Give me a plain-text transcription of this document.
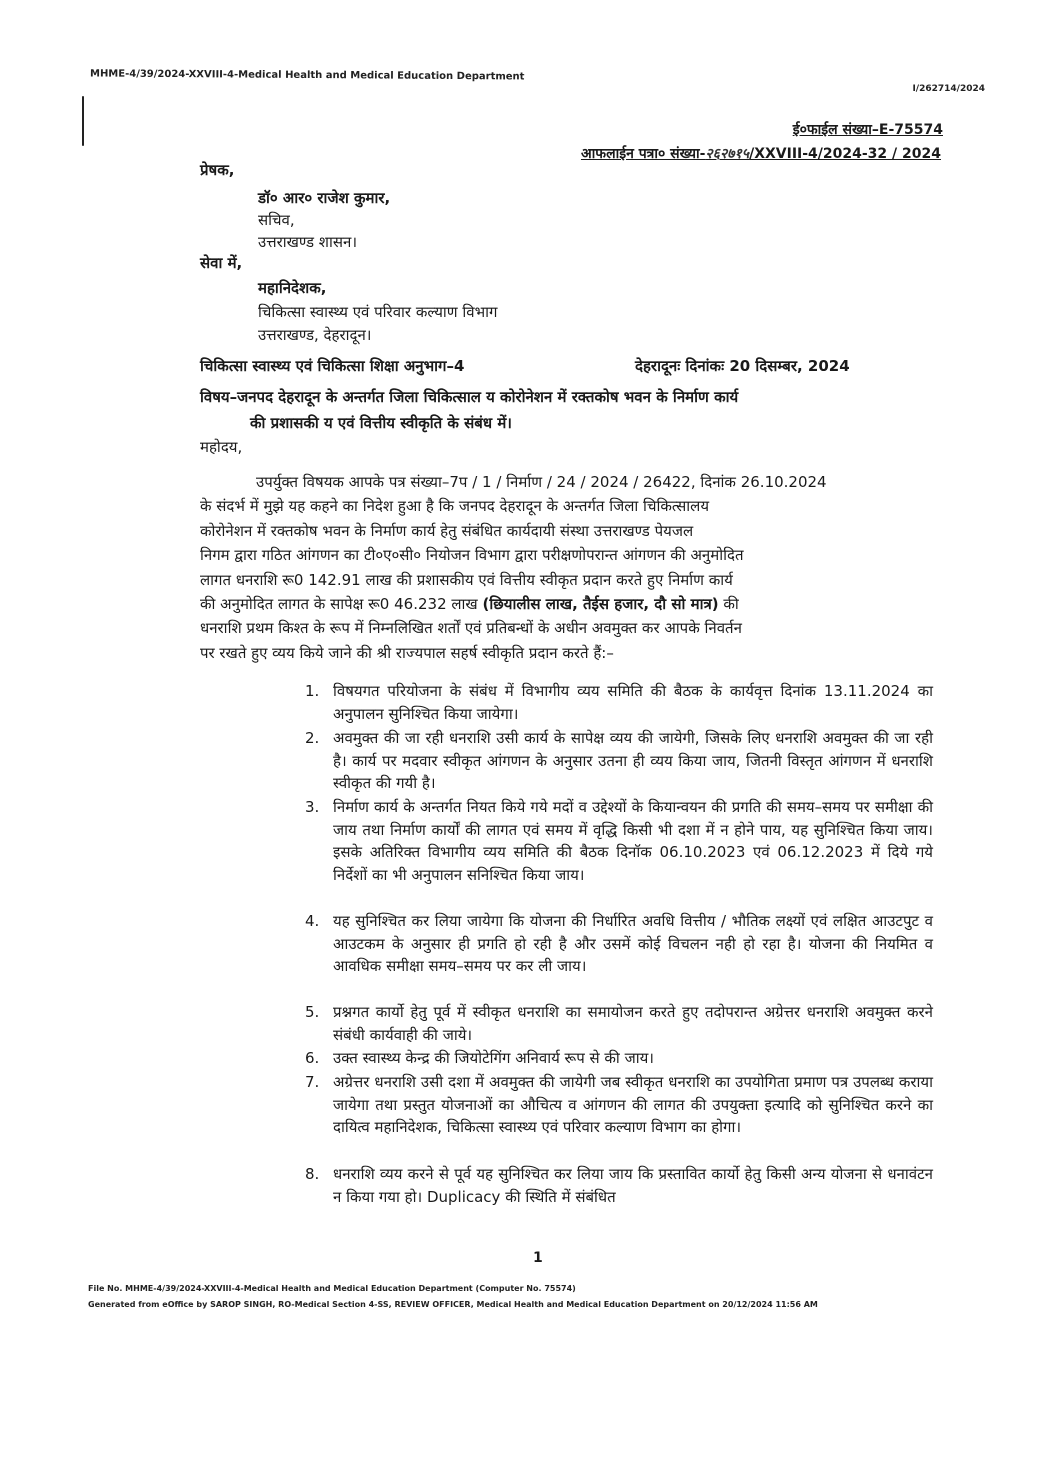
MHME-4/39/2024-XXVIII-4-Medical Health and Medical Education Department
I/262714/2024
ई०फाईल संख्या–E-75574
आफलाईन पत्रा० संख्या-२६२७१५/XXVIII-4/2024-32 / 2024
प्रेषक,
डॉ० आर० राजेश कुमार,
सचिव,
उत्तराखण्ड शासन।
सेवा में,
महानिदेशक,
चिकित्सा स्वास्थ्य एवं परिवार कल्याण विभाग
उत्तराखण्ड, देहरादून।
चिकित्सा स्वास्थ्य एवं चिकित्सा शिक्षा अनुभाग–4	देहरादूनः दिनांकः 20 दिसम्बर, 2024
विषय–जनपद देहरादून के अन्तर्गत जिला चिकित्साल य कोरोनेशन में रक्तकोष भवन के निर्माण कार्य
की प्रशासकी य एवं वित्तीय स्वीकृति के संबंध में।
महोदय,
उपर्युक्त विषयक आपके पत्र संख्या–7प / 1 / निर्माण / 24 / 2024 / 26422, दिनांक 26.10.2024
के संदर्भ में मुझे यह कहने का निदेश हुआ है कि जनपद देहरादून के अन्तर्गत जिला चिकित्सालय
कोरोनेशन में रक्तकोष भवन के निर्माण कार्य हेतु संबंधित कार्यदायी संस्था उत्तराखण्ड पेयजल
निगम द्वारा गठित आंगणन का टी०ए०सी० नियोजन विभाग द्वारा परीक्षणोपरान्त आंगणन की अनुमोदित
लागत धनराशि रू0 142.91 लाख की प्रशासकीय एवं वित्तीय स्वीकृत प्रदान करते हुए निर्माण कार्य
की अनुमोदित लागत के सापेक्ष रू0 46.232 लाख (छियालीस लाख, तैईस हजार, दौ सो मात्र) की
धनराशि प्रथम किश्त के रूप में निम्नलिखित शर्तों एवं प्रतिबन्धों के अधीन अवमुक्त कर आपके निवर्तन
पर रखते हुए व्यय किये जाने की श्री राज्यपाल सहर्ष स्वीकृति प्रदान करते हैं:–
1. विषयगत परियोजना के संबंध में विभागीय व्यय समिति की बैठक के कार्यवृत्त दिनांक 13.11.2024 का अनुपालन सुनिश्चित किया जायेगा।
2. अवमुक्त की जा रही धनराशि उसी कार्य के सापेक्ष व्यय की जायेगी, जिसके लिए धनराशि अवमुक्त की जा रही है। कार्य पर मदवार स्वीकृत आंगणन के अनुसार उतना ही व्यय किया जाय, जितनी विस्तृत आंगणन में धनराशि स्वीकृत की गयी है।
3. निर्माण कार्य के अन्तर्गत नियत किये गये मदों व उद्देश्यों के कियान्वयन की प्रगति की समय–समय पर समीक्षा की जाय तथा निर्माण कार्यों की लागत एवं समय में वृद्धि किसी भी दशा में न होने पाय, यह सुनिश्चित किया जाय। इसके अतिरिक्त विभागीय व्यय समिति की बैठक दिनॉक 06.10.2023 एवं 06.12.2023 में दिये गये निर्देशों का भी अनुपालन सनिश्चित किया जाय।
4. यह सुनिश्चित कर लिया जायेगा कि योजना की निर्धारित अवधि वित्तीय / भौतिक लक्ष्यों एवं लक्षित आउटपुट व आउटकम के अनुसार ही प्रगति हो रही है और उसमें कोई विचलन नही हो रहा है। योजना की नियमित व आवधिक समीक्षा समय–समय पर कर ली जाय।
5. प्रश्नगत कार्यो हेतु पूर्व में स्वीकृत धनराशि का समायोजन करते हुए तदोपरान्त अग्रेत्तर धनराशि अवमुक्त करने संबंधी कार्यवाही की जाये।
6. उक्त स्वास्थ्य केन्द्र की जियोटेगिंग अनिवार्य रूप से की जाय।
7. अग्रेत्तर धनराशि उसी दशा में अवमुक्त की जायेगी जब स्वीकृत धनराशि का उपयोगिता प्रमाण पत्र उपलब्ध कराया जायेगा तथा प्रस्तुत योजनाओं का औचित्य व आंगणन की लागत की उपयुक्ता इत्यादि को सुनिश्चित करने का दायित्व महानिदेशक, चिकित्सा स्वास्थ्य एवं परिवार कल्याण विभाग का होगा।
8. धनराशि व्यय करने से पूर्व यह सुनिश्चित कर लिया जाय कि प्रस्तावित कार्यो हेतु किसी अन्य योजना से धनावंटन न किया गया हो। Duplicacy की स्थिति में संबंधित
1
File No. MHME-4/39/2024-XXVIII-4-Medical Health and Medical Education Department (Computer No. 75574)
Generated from eOffice by SAROP SINGH, RO-Medical Section 4-SS, REVIEW OFFICER, Medical Health and Medical Education Department on 20/12/2024 11:56 AM
